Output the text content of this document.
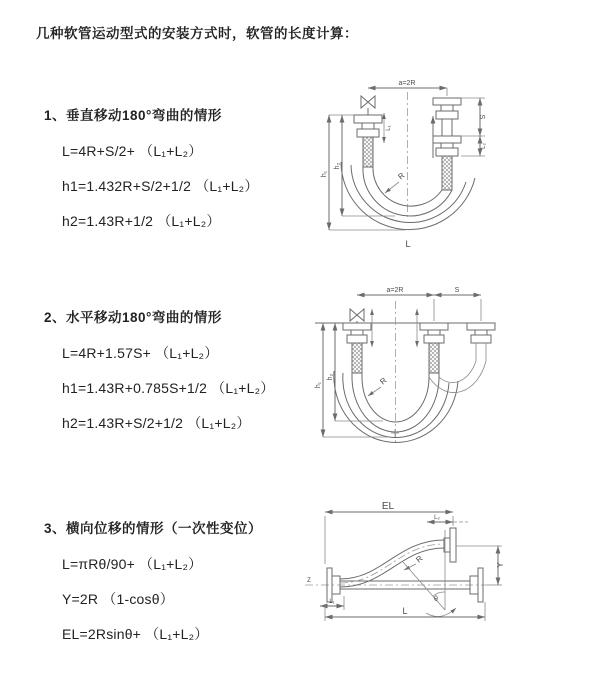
几种软管运动型式的安装方式时，软管的长度计算：
1、垂直移动180°弯曲的情形
L=4R+S/2+ （L₁+L₂）
h1=1.432R+S/2+1/2 （L₁+L₂）
h2=1.43R+1/2 （L₁+L₂）
2、水平移动180°弯曲的情形
L=4R+1.57S+ （L₁+L₂）
h1=1.43R+0.785S+1/2 （L₁+L₂）
h2=1.43R+S/2+1/2 （L₁+L₂）
3、横向位移的情形（一次性变位）
L=πRθ/90+ （L₁+L₂）
Y=2R （1-cosθ）
EL=2Rsinθ+ （L₁+L₂）
a=2R
L₁
S
L₂
h₁
h₂
R
L
a=2R	S
h₁
h₂	R
EL
L₂
Y
Z
R
θ
L₁
L
